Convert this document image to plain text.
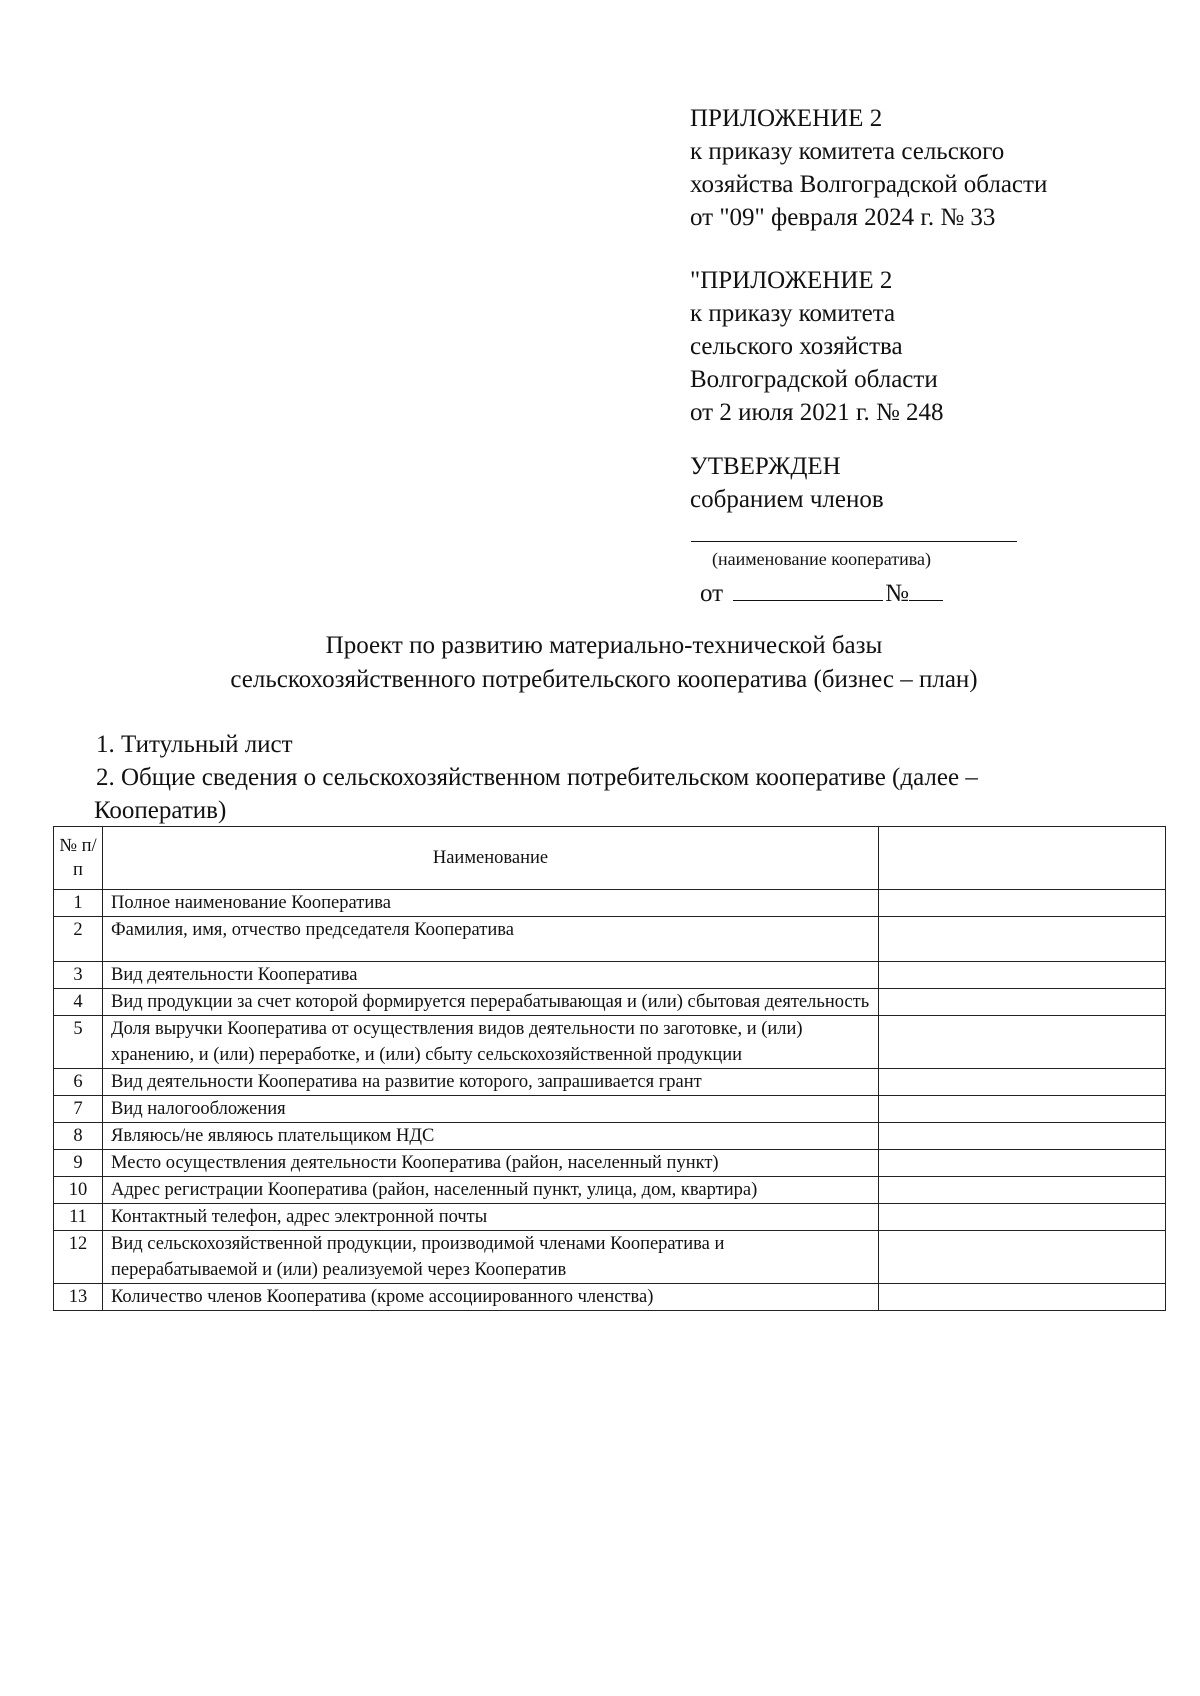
ПРИЛОЖЕНИЕ 2
к приказу комитета сельского
хозяйства Волгоградской области
от "09" февраля 2024 г. № 33
"ПРИЛОЖЕНИЕ 2
к приказу комитета
сельского хозяйства
Волгоградской области
от 2 июля 2021 г. № 248
УТВЕРЖДЕН
собранием членов
(наименование кооператива)
от	№
Проект по развитию материально-технической базы
сельскохозяйственного потребительского кооператива (бизнес – план)
1. Титульный лист
2. Общие сведения о сельскохозяйственном потребительском кооперативе (далее –
Кооператив)
№ п/п	Наименование	
1	Полное наименование Кооператива	
2	Фамилия, имя, отчество председателя Кооператива	
3	Вид деятельности Кооператива	
4	Вид продукции за счет которой формируется перерабатывающая и (или) сбытовая деятельность	
5	Доля выручки Кооператива от осуществления видов деятельности по заготовке, и (или) хранению, и (или) переработке, и (или) сбыту сельскохозяйственной продукции	
6	Вид деятельности Кооператива на развитие которого, запрашивается грант	
7	Вид налогообложения	
8	Являюсь/не являюсь плательщиком НДС	
9	Место осуществления деятельности Кооператива (район, населенный пункт)	
10	Адрес регистрации Кооператива (район, населенный пункт, улица, дом, квартира)	
11	Контактный телефон, адрес электронной почты	
12	Вид сельскохозяйственной продукции, производимой членами Кооператива и перерабатываемой и (или) реализуемой через Кооператив	
13	Количество членов Кооператива (кроме ассоциированного членства)	
